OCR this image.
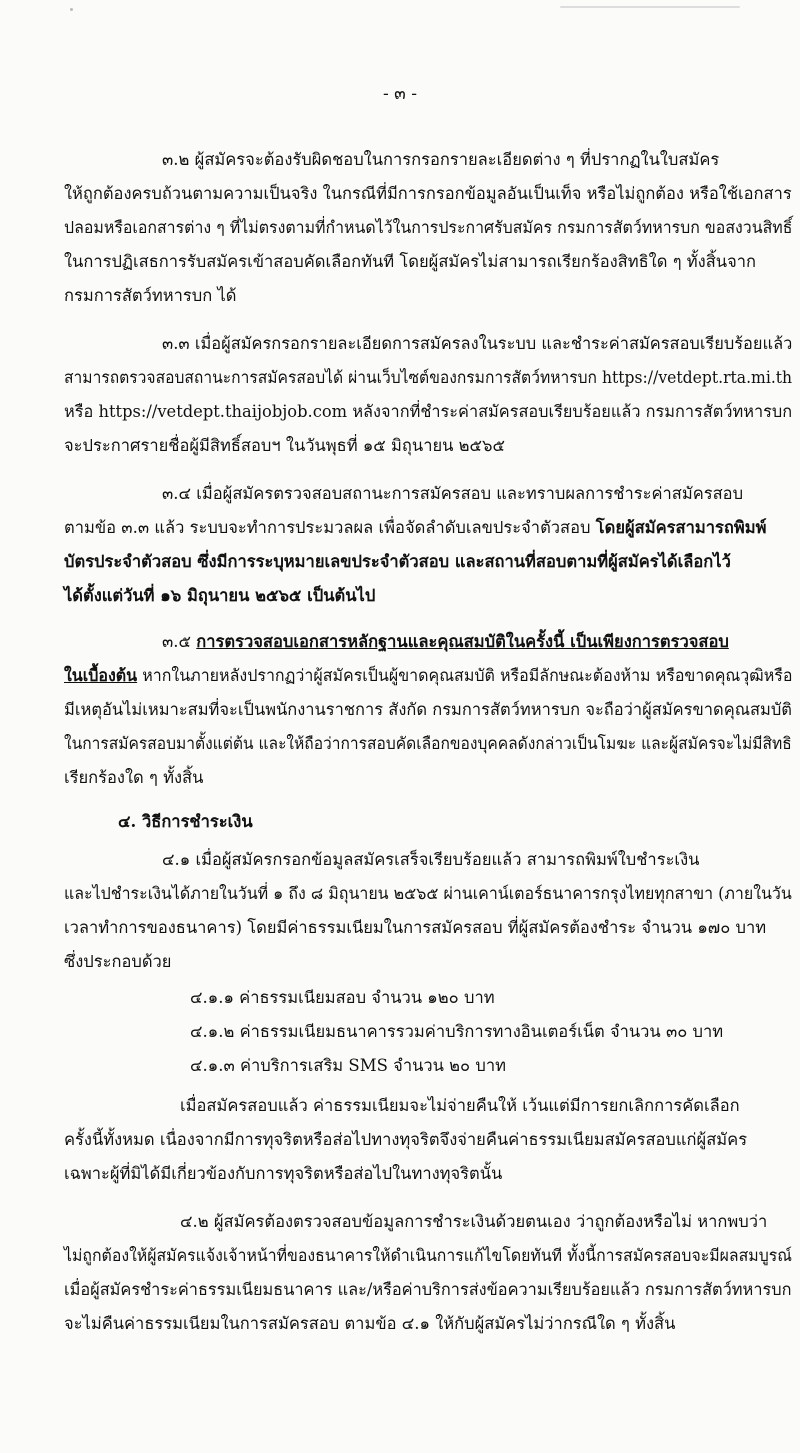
- ๓ -
๓.๒ ผู้สมัครจะต้องรับผิดชอบในการกรอกรายละเอียดต่าง ๆ ที่ปรากฏในใบสมัคร
ให้ถูกต้องครบถ้วนตามความเป็นจริง ในกรณีที่มีการกรอกข้อมูลอันเป็นเท็จ หรือไม่ถูกต้อง หรือใช้เอกสาร
ปลอมหรือเอกสารต่าง ๆ ที่ไม่ตรงตามที่กำหนดไว้ในการประกาศรับสมัคร กรมการสัตว์ทหารบก ขอสงวนสิทธิ์
ในการปฏิเสธการรับสมัครเข้าสอบคัดเลือกทันที โดยผู้สมัครไม่สามารถเรียกร้องสิทธิใด ๆ ทั้งสิ้นจาก
กรมการสัตว์ทหารบก ได้
๓.๓ เมื่อผู้สมัครกรอกรายละเอียดการสมัครลงในระบบ และชำระค่าสมัครสอบเรียบร้อยแล้ว
สามารถตรวจสอบสถานะการสมัครสอบได้ ผ่านเว็บไซต์ของกรมการสัตว์ทหารบก https://vetdept.rta.mi.th
หรือ https://vetdept.thaijobjob.com หลังจากที่ชำระค่าสมัครสอบเรียบร้อยแล้ว กรมการสัตว์ทหารบก
จะประกาศรายชื่อผู้มีสิทธิ์สอบฯ ในวันพุธที่ ๑๕ มิถุนายน ๒๕๖๕
๓.๔ เมื่อผู้สมัครตรวจสอบสถานะการสมัครสอบ และทราบผลการชำระค่าสมัครสอบ
ตามข้อ ๓.๓ แล้ว ระบบจะทำการประมวลผล เพื่อจัดลำดับเลขประจำตัวสอบ โดยผู้สมัครสามารถพิมพ์
บัตรประจำตัวสอบ ซึ่งมีการระบุหมายเลขประจำตัวสอบ และสถานที่สอบตามที่ผู้สมัครได้เลือกไว้
ได้ตั้งแต่วันที่ ๑๖ มิถุนายน ๒๕๖๕ เป็นต้นไป
๓.๕ การตรวจสอบเอกสารหลักฐานและคุณสมบัติในครั้งนี้ เป็นเพียงการตรวจสอบ
ในเบื้องต้น หากในภายหลังปรากฏว่าผู้สมัครเป็นผู้ขาดคุณสมบัติ หรือมีลักษณะต้องห้าม หรือขาดคุณวุฒิหรือ
มีเหตุอันไม่เหมาะสมที่จะเป็นพนักงานราชการ สังกัด กรมการสัตว์ทหารบก จะถือว่าผู้สมัครขาดคุณสมบัติ
ในการสมัครสอบมาตั้งแต่ต้น และให้ถือว่าการสอบคัดเลือกของบุคคลดังกล่าวเป็นโมฆะ และผู้สมัครจะไม่มีสิทธิ
เรียกร้องใด ๆ ทั้งสิ้น
๔. วิธีการชำระเงิน
๔.๑ เมื่อผู้สมัครกรอกข้อมูลสมัครเสร็จเรียบร้อยแล้ว สามารถพิมพ์ใบชำระเงิน
และไปชำระเงินได้ภายในวันที่ ๑ ถึง ๘ มิถุนายน ๒๕๖๕ ผ่านเคาน์เตอร์ธนาคารกรุงไทยทุกสาขา (ภายในวัน
เวลาทำการของธนาคาร) โดยมีค่าธรรมเนียมในการสมัครสอบ ที่ผู้สมัครต้องชำระ จำนวน ๑๗๐ บาท
ซึ่งประกอบด้วย
๔.๑.๑ ค่าธรรมเนียมสอบ จำนวน ๑๒๐ บาท
๔.๑.๒ ค่าธรรมเนียมธนาคารรวมค่าบริการทางอินเตอร์เน็ต จำนวน ๓๐ บาท
๔.๑.๓ ค่าบริการเสริม SMS จำนวน ๒๐ บาท
เมื่อสมัครสอบแล้ว ค่าธรรมเนียมจะไม่จ่ายคืนให้ เว้นแต่มีการยกเลิกการคัดเลือก
ครั้งนี้ทั้งหมด เนื่องจากมีการทุจริตหรือส่อไปทางทุจริตจึงจ่ายคืนค่าธรรมเนียมสมัครสอบแก่ผู้สมัคร
เฉพาะผู้ที่มิได้มีเกี่ยวข้องกับการทุจริตหรือส่อไปในทางทุจริตนั้น
๔.๒ ผู้สมัครต้องตรวจสอบข้อมูลการชำระเงินด้วยตนเอง ว่าถูกต้องหรือไม่ หากพบว่า
ไม่ถูกต้องให้ผู้สมัครแจ้งเจ้าหน้าที่ของธนาคารให้ดำเนินการแก้ไขโดยทันที ทั้งนี้การสมัครสอบจะมีผลสมบูรณ์
เมื่อผู้สมัครชำระค่าธรรมเนียมธนาคาร และ/หรือค่าบริการส่งข้อความเรียบร้อยแล้ว กรมการสัตว์ทหารบก
จะไม่คืนค่าธรรมเนียมในการสมัครสอบ ตามข้อ ๔.๑ ให้กับผู้สมัครไม่ว่ากรณีใด ๆ ทั้งสิ้น
